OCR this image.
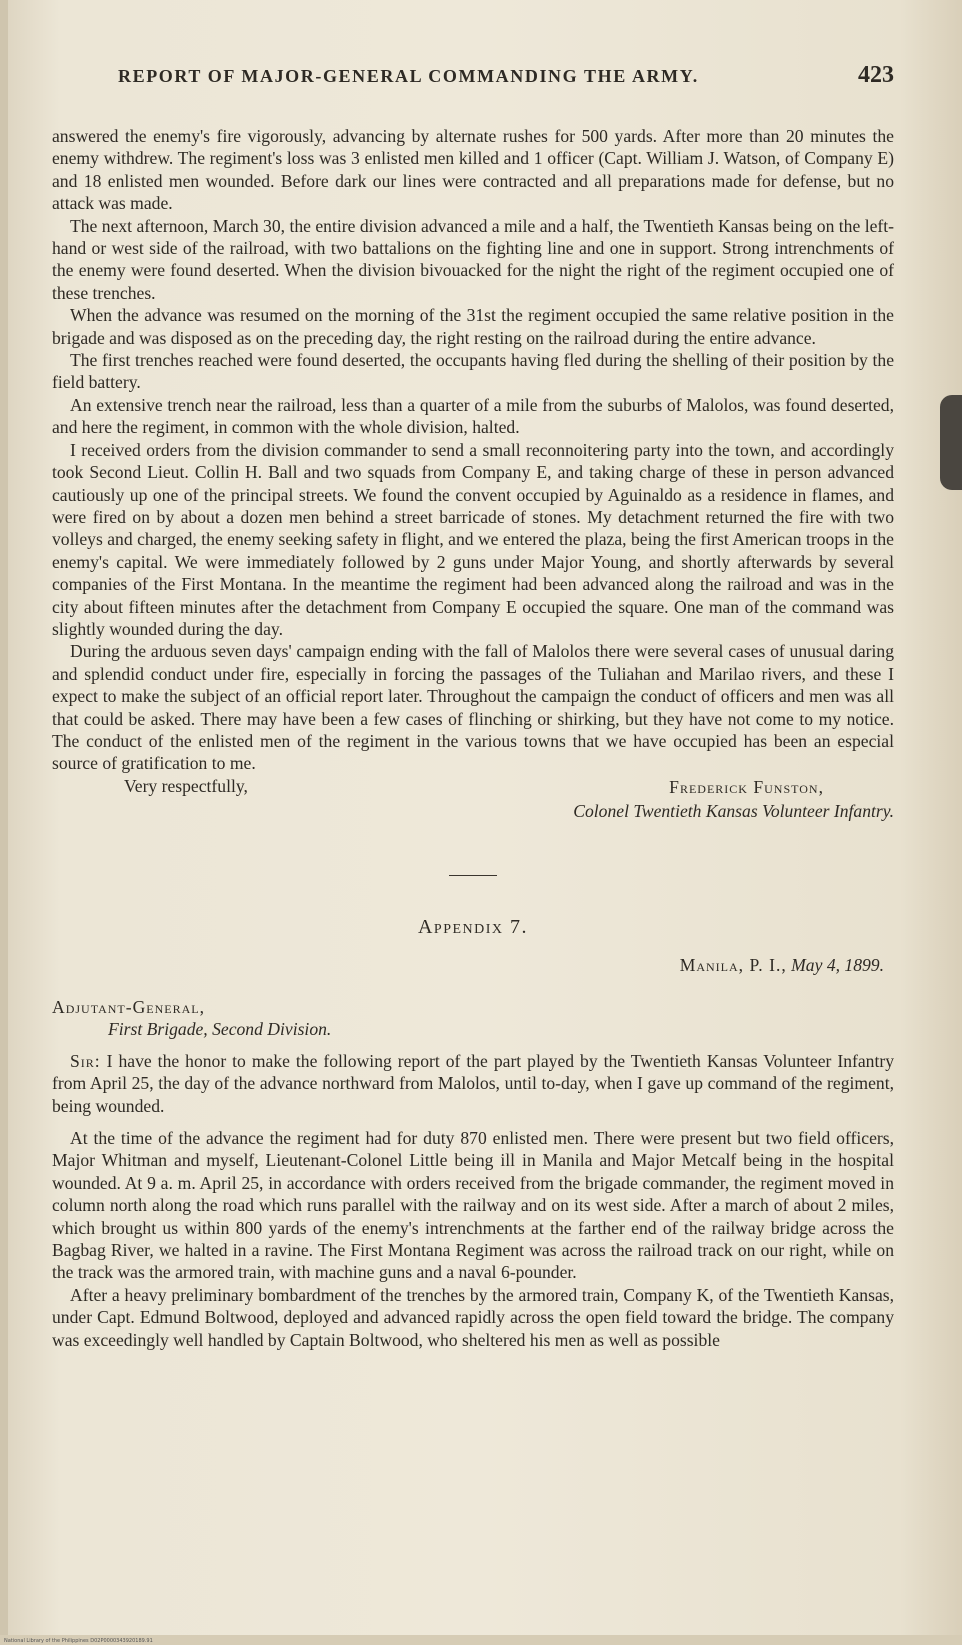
REPORT OF MAJOR-GENERAL COMMANDING THE ARMY.	423

answered the enemy's fire vigorously, advancing by alternate rushes for 500 yards. After more than 20 minutes the enemy withdrew. The regiment's loss was 3 enlisted men killed and 1 officer (Capt. William J. Watson, of Company E) and 18 enlisted men wounded. Before dark our lines were contracted and all preparations made for defense, but no attack was made.

The next afternoon, March 30, the entire division advanced a mile and a half, the Twentieth Kansas being on the left-hand or west side of the railroad, with two battalions on the fighting line and one in support. Strong intrenchments of the enemy were found deserted. When the division bivouacked for the night the right of the regiment occupied one of these trenches.

When the advance was resumed on the morning of the 31st the regiment occupied the same relative position in the brigade and was disposed as on the preceding day, the right resting on the railroad during the entire advance.

The first trenches reached were found deserted, the occupants having fled during the shelling of their position by the field battery.

An extensive trench near the railroad, less than a quarter of a mile from the suburbs of Malolos, was found deserted, and here the regiment, in common with the whole division, halted.

I received orders from the division commander to send a small reconnoitering party into the town, and accordingly took Second Lieut. Collin H. Ball and two squads from Company E, and taking charge of these in person advanced cautiously up one of the principal streets. We found the convent occupied by Aguinaldo as a residence in flames, and were fired on by about a dozen men behind a street barricade of stones. My detachment returned the fire with two volleys and charged, the enemy seeking safety in flight, and we entered the plaza, being the first American troops in the enemy's capital. We were immediately followed by 2 guns under Major Young, and shortly afterwards by several companies of the First Montana. In the meantime the regiment had been advanced along the railroad and was in the city about fifteen minutes after the detachment from Company E occupied the square. One man of the command was slightly wounded during the day.

During the arduous seven days' campaign ending with the fall of Malolos there were several cases of unusual daring and splendid conduct under fire, especially in forcing the passages of the Tuliahan and Marilao rivers, and these I expect to make the subject of an official report later. Throughout the campaign the conduct of officers and men was all that could be asked. There may have been a few cases of flinching or shirking, but they have not come to my notice. The conduct of the enlisted men of the regiment in the various towns that we have occupied has been an especial source of gratification to me.

Very respectfully,	Frederick Funston,
Colonel Twentieth Kansas Volunteer Infantry.
Appendix 7.
Manila, P. I., May 4, 1899.
Adjutant-General,
First Brigade, Second Division.

Sir: I have the honor to make the following report of the part played by the Twentieth Kansas Volunteer Infantry from April 25, the day of the advance northward from Malolos, until to-day, when I gave up command of the regiment, being wounded.

At the time of the advance the regiment had for duty 870 enlisted men. There were present but two field officers, Major Whitman and myself, Lieutenant-Colonel Little being ill in Manila and Major Metcalf being in the hospital wounded. At 9 a. m. April 25, in accordance with orders received from the brigade commander, the regiment moved in column north along the road which runs parallel with the railway and on its west side. After a march of about 2 miles, which brought us within 800 yards of the enemy's intrenchments at the farther end of the railway bridge across the Bagbag River, we halted in a ravine. The First Montana Regiment was across the railroad track on our right, while on the track was the armored train, with machine guns and a naval 6-pounder.

After a heavy preliminary bombardment of the trenches by the armored train, Company K, of the Twentieth Kansas, under Capt. Edmund Boltwood, deployed and advanced rapidly across the open field toward the bridge. The company was exceedingly well handled by Captain Boltwood, who sheltered his men as well as possible

National Library of the Philippines D02P0000343920189.91
